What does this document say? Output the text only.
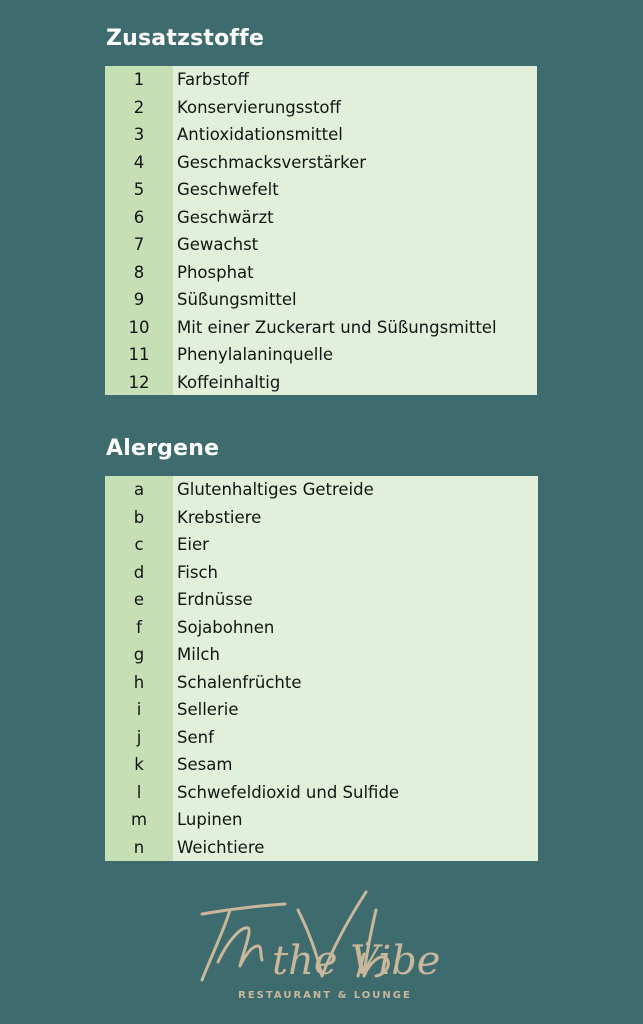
Zusatzstoffe
1	Farbstoff
2	Konservierungsstoff
3	Antioxidationsmittel
4	Geschmacksverstärker
5	Geschwefelt
6	Geschwärzt
7	Gewachst
8	Phosphat
9	Süßungsmittel
10	Mit einer Zuckerart und Süßungsmittel
11	Phenylalaninquelle
12	Koffeinhaltig
Alergene
a	Glutenhaltiges Getreide
b	Krebstiere
c	Eier
d	Fisch
e	Erdnüsse
f	Sojabohnen
g	Milch
h	Schalenfrüchte
i	Sellerie
j	Senf
k	Sesam
l	Schwefeldioxid und Sulfide
m	Lupinen
n	Weichtiere
the Vibe
RESTAURANT & LOUNGE
